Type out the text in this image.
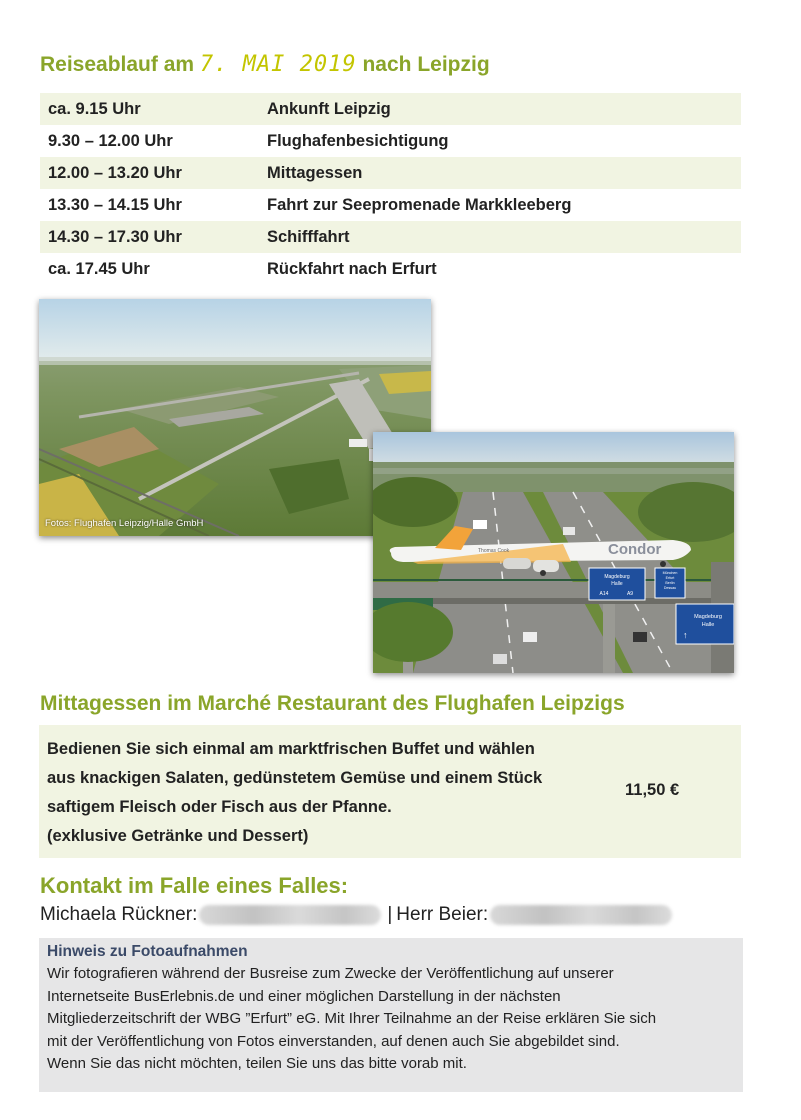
Reiseablauf am 7. MAI 2019 nach Leipzig
ca. 9.15 Uhr	Ankunft Leipzig
9.30 – 12.00 Uhr	Flughafenbesichtigung
12.00 – 13.20 Uhr	Mittagessen
13.30 – 14.15 Uhr	Fahrt zur Seepromenade Markkleeberg
14.30 – 17.30 Uhr	Schifffahrt
ca. 17.45 Uhr	Rückfahrt nach Erfurt
Fotos: Flughafen Leipzig/Halle GmbH
Condor
Thomas Cook
Magdeburg
Halle
A14	A9
München
Erfurt
Berlin
Dessau
Magdeburg
Halle
↑
Mittagessen im Marché Restaurant des Flughafen Leipzigs
Bedienen Sie sich einmal am marktfrischen Buffet und wählen
aus knackigen Salaten, gedünstetem Gemüse und einem Stück
saftigem Fleisch oder Fisch aus der Pfanne.
(exklusive Getränke und Dessert)
11,50 €
Kontakt im Falle eines Falles:
Michaela Rückner:	| Herr Beier:
Hinweis zu Fotoaufnahmen
Wir fotografieren während der Busreise zum Zwecke der Veröffentlichung auf unserer
Internetseite BusErlebnis.de und einer möglichen Darstellung in der nächsten
Mitgliederzeitschrift der WBG ”Erfurt” eG. Mit Ihrer Teilnahme an der Reise erklären Sie sich
mit der Veröffentlichung von Fotos einverstanden, auf denen auch Sie abgebildet sind.
Wenn Sie das nicht möchten, teilen Sie uns das bitte vorab mit.
